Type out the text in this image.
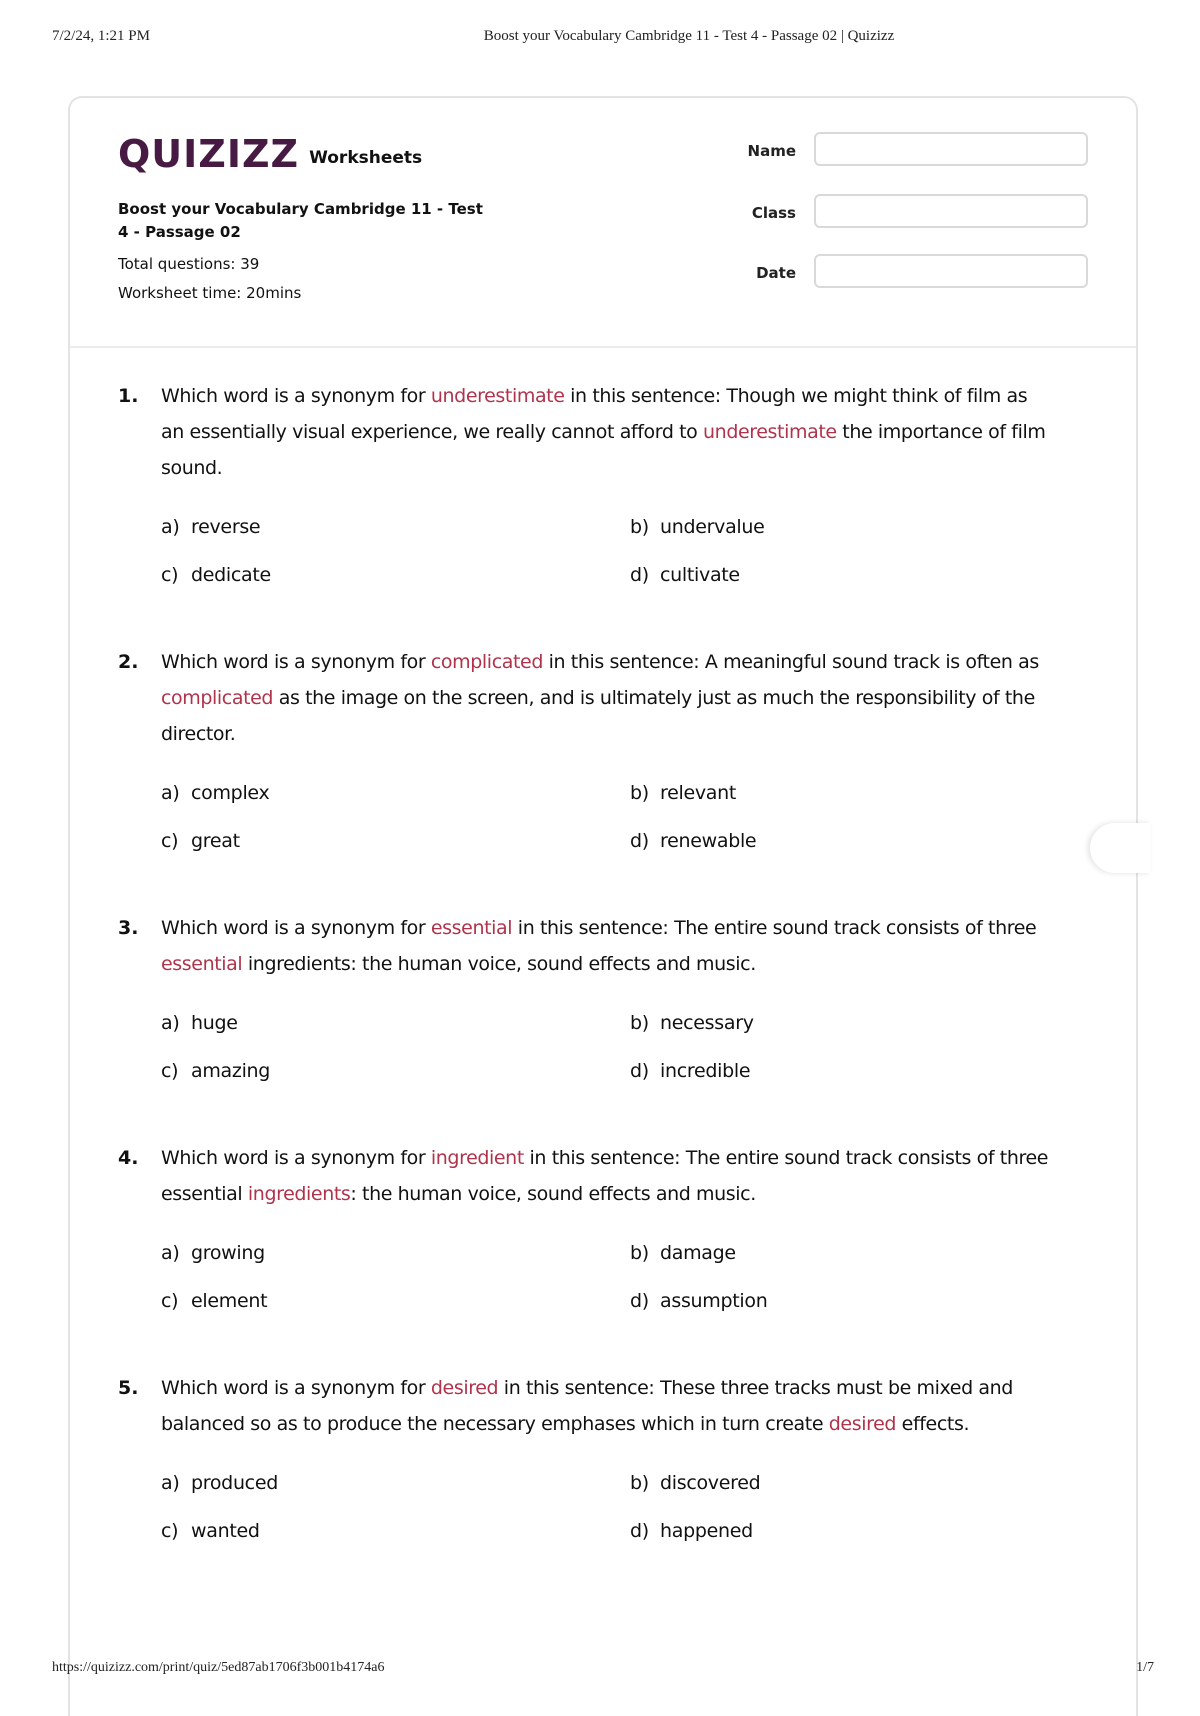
7/2/24, 1:21 PM	Boost your Vocabulary Cambridge 11 - Test 4 - Passage 02 | Quizizz
QUIZIZZ Worksheets
Boost your Vocabulary Cambridge 11 - Test 4 - Passage 02
Total questions: 39
Worksheet time: 20mins
Name
Class
Date
1. Which word is a synonym for underestimate in this sentence: Though we might think of film as an essentially visual experience, we really cannot afford to underestimate the importance of film sound.
a) reverse	b) undervalue
c) dedicate	d) cultivate
2. Which word is a synonym for complicated in this sentence: A meaningful sound track is often as complicated as the image on the screen, and is ultimately just as much the responsibility of the director.
a) complex	b) relevant
c) great	d) renewable
3. Which word is a synonym for essential in this sentence: The entire sound track consists of three essential ingredients: the human voice, sound effects and music.
a) huge	b) necessary
c) amazing	d) incredible
4. Which word is a synonym for ingredient in this sentence: The entire sound track consists of three essential ingredients: the human voice, sound effects and music.
a) growing	b) damage
c) element	d) assumption
5. Which word is a synonym for desired in this sentence: These three tracks must be mixed and balanced so as to produce the necessary emphases which in turn create desired effects.
a) produced	b) discovered
c) wanted	d) happened
https://quizizz.com/print/quiz/5ed87ab1706f3b001b4174a6	1/7
